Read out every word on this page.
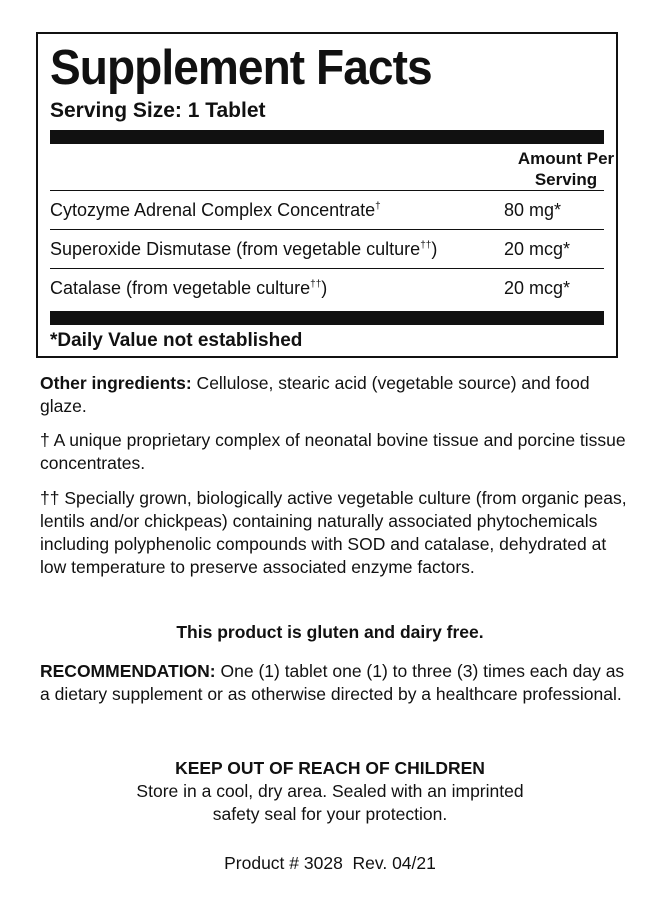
Supplement Facts
Serving Size: 1 Tablet
Amount Per
Serving
Cytozyme Adrenal Complex Concentrate†	80 mg*
Superoxide Dismutase (from vegetable culture††)	20 mcg*
Catalase (from vegetable culture††)	20 mcg*
*Daily Value not established
Other ingredients: Cellulose, stearic acid (vegetable source) and food glaze.
† A unique proprietary complex of neonatal bovine tissue and porcine tissue concentrates.
†† Specially grown, biologically active vegetable culture (from organic peas, lentils and/or chickpeas) containing naturally associated phytochemicals including polyphenolic compounds with SOD and catalase, dehydrated at low temperature to preserve associated enzyme factors.
This product is gluten and dairy free.
RECOMMENDATION: One (1) tablet one (1) to three (3) times each day as a dietary supplement or as otherwise directed by a healthcare professional.
KEEP OUT OF REACH OF CHILDREN
Store in a cool, dry area. Sealed with an imprinted
safety seal for your protection.
Product # 3028  Rev. 04/21
